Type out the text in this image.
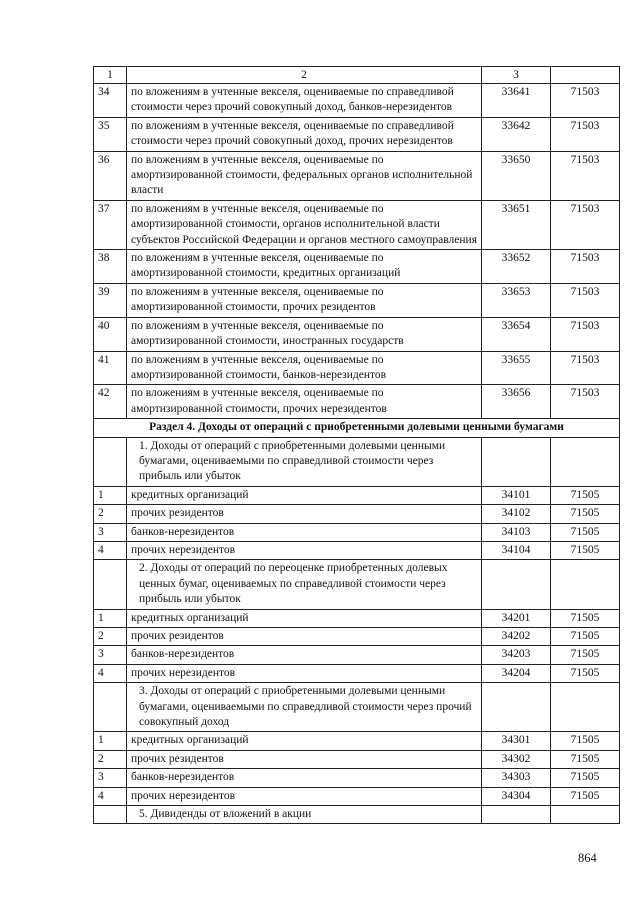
1	2	3	
34	по вложениям в учтенные векселя, оцениваемые по справедливой стоимости через прочий совокупный доход, банков-нерезидентов	33641	71503
35	по вложениям в учтенные векселя, оцениваемые по справедливой стоимости через прочий совокупный доход, прочих нерезидентов	33642	71503
36	по вложениям в учтенные векселя, оцениваемые по амортизированной стоимости, федеральных органов исполнительной власти	33650	71503
37	по вложениям в учтенные векселя, оцениваемые по амортизированной стоимости, органов исполнительной власти субъектов Российской Федерации и органов местного самоуправления	33651	71503
38	по вложениям в учтенные векселя, оцениваемые по амортизированной стоимости, кредитных организаций	33652	71503
39	по вложениям в учтенные векселя, оцениваемые по амортизированной стоимости, прочих резидентов	33653	71503
40	по вложениям в учтенные векселя, оцениваемые по амортизированной стоимости, иностранных государств	33654	71503
41	по вложениям в учтенные векселя, оцениваемые по амортизированной стоимости, банков-нерезидентов	33655	71503
42	по вложениям в учтенные векселя, оцениваемые по амортизированной стоимости, прочих нерезидентов	33656	71503
Раздел 4. Доходы от операций с приобретенными долевыми ценными бумагами			
	1. Доходы от операций с приобретенными долевыми ценными бумагами, оцениваемыми по справедливой стоимости через прибыль или убыток		
1	кредитных организаций	34101	71505
2	прочих резидентов	34102	71505
3	банков-нерезидентов	34103	71505
4	прочих нерезидентов	34104	71505
	2. Доходы от операций по переоценке приобретенных долевых ценных бумаг, оцениваемых по справедливой стоимости через прибыль или убыток		
1	кредитных организаций	34201	71505
2	прочих резидентов	34202	71505
3	банков-нерезидентов	34203	71505
4	прочих нерезидентов	34204	71505
	3. Доходы от операций с приобретенными долевыми ценными бумагами, оцениваемыми по справедливой стоимости через прочий совокупный доход		
1	кредитных организаций	34301	71505
2	прочих резидентов	34302	71505
3	банков-нерезидентов	34303	71505
4	прочих нерезидентов	34304	71505
	5. Дивиденды от вложений в акции		
864
